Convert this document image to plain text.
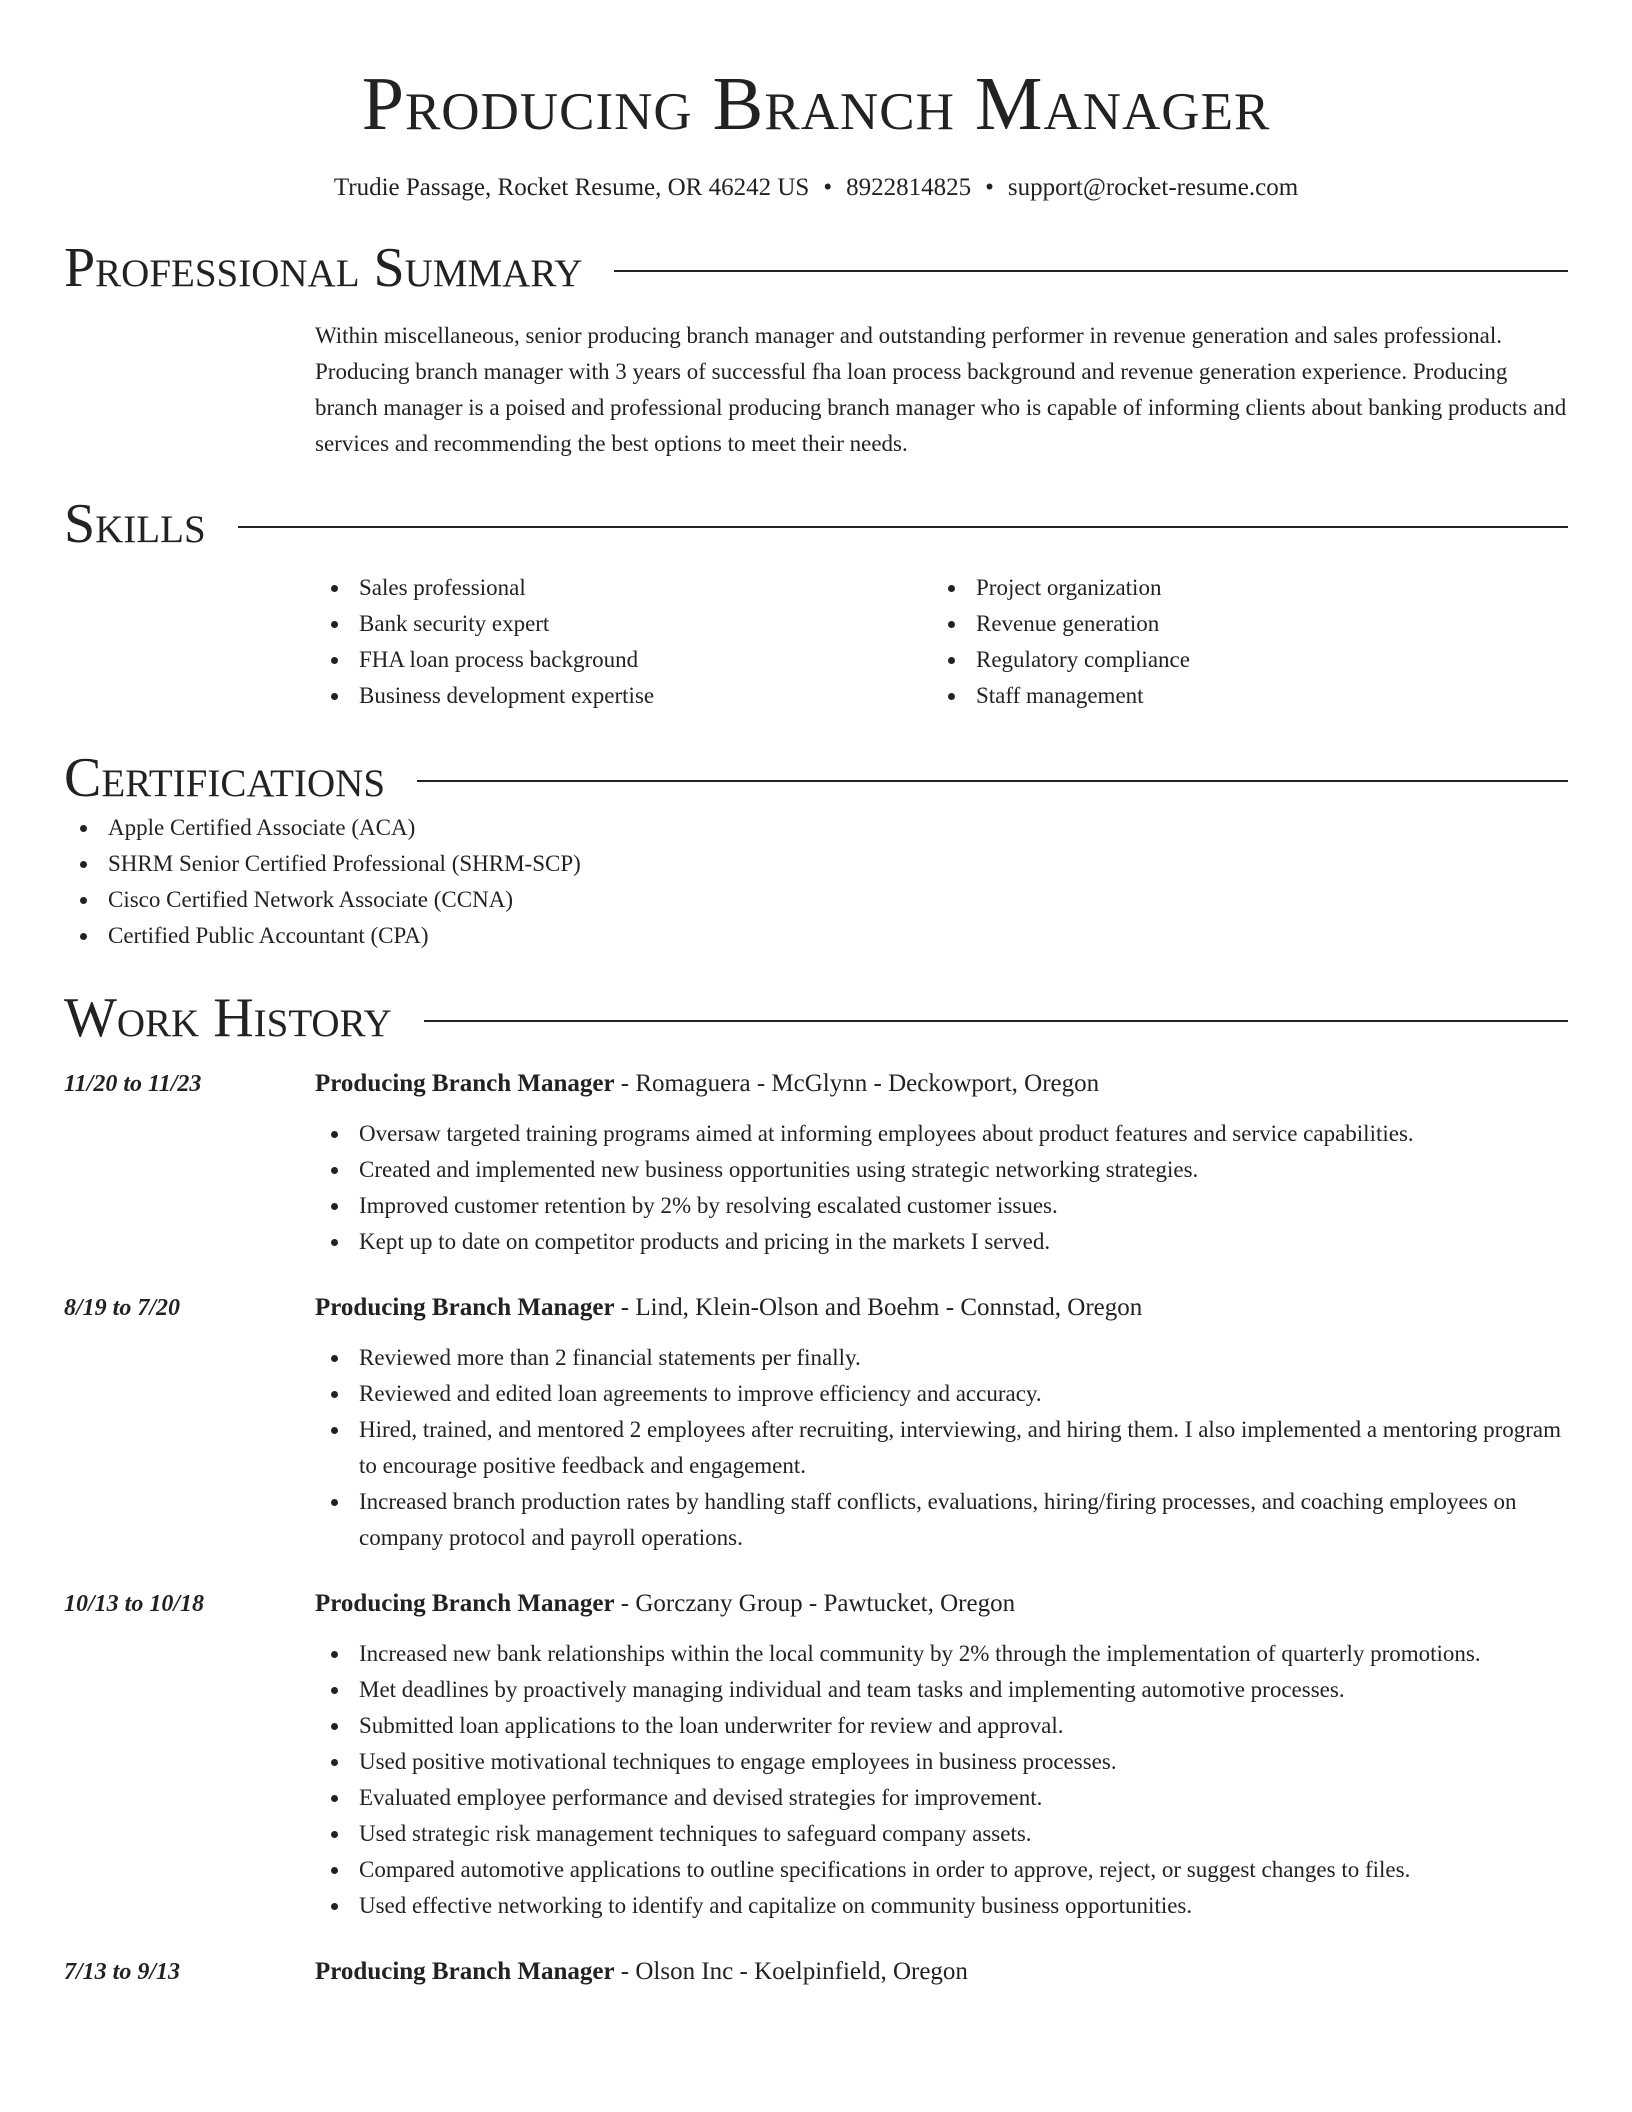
Producing Branch Manager
Trudie Passage, Rocket Resume, OR 46242 US • 8922814825 • support@rocket-resume.com
Professional Summary

Within miscellaneous, senior producing branch manager and outstanding performer in revenue generation and sales professional. Producing branch manager with 3 years of successful fha loan process background and revenue generation experience. Producing branch manager is a poised and professional producing branch manager who is capable of informing clients about banking products and services and recommending the best options to meet their needs.

Skills
Sales professional
Bank security expert
FHA loan process background
Business development expertise
Project organization
Revenue generation
Regulatory compliance
Staff management
Certifications
Apple Certified Associate (ACA)
SHRM Senior Certified Professional (SHRM-SCP)
Cisco Certified Network Associate (CCNA)
Certified Public Accountant (CPA)
Work History
11/20 to 11/23	Producing Branch Manager - Romaguera - McGlynn - Deckowport, Oregon
Oversaw targeted training programs aimed at informing employees about product features and service capabilities.
Created and implemented new business opportunities using strategic networking strategies.
Improved customer retention by 2% by resolving escalated customer issues.
Kept up to date on competitor products and pricing in the markets I served.
8/19 to 7/20	Producing Branch Manager - Lind, Klein-Olson and Boehm - Connstad, Oregon
Reviewed more than 2 financial statements per finally.
Reviewed and edited loan agreements to improve efficiency and accuracy.
Hired, trained, and mentored 2 employees after recruiting, interviewing, and hiring them. I also implemented a mentoring program to encourage positive feedback and engagement.
Increased branch production rates by handling staff conflicts, evaluations, hiring/firing processes, and coaching employees on company protocol and payroll operations.
10/13 to 10/18	Producing Branch Manager - Gorczany Group - Pawtucket, Oregon
Increased new bank relationships within the local community by 2% through the implementation of quarterly promotions.
Met deadlines by proactively managing individual and team tasks and implementing automotive processes.
Submitted loan applications to the loan underwriter for review and approval.
Used positive motivational techniques to engage employees in business processes.
Evaluated employee performance and devised strategies for improvement.
Used strategic risk management techniques to safeguard company assets.
Compared automotive applications to outline specifications in order to approve, reject, or suggest changes to files.
Used effective networking to identify and capitalize on community business opportunities.
7/13 to 9/13	Producing Branch Manager - Olson Inc - Koelpinfield, Oregon
